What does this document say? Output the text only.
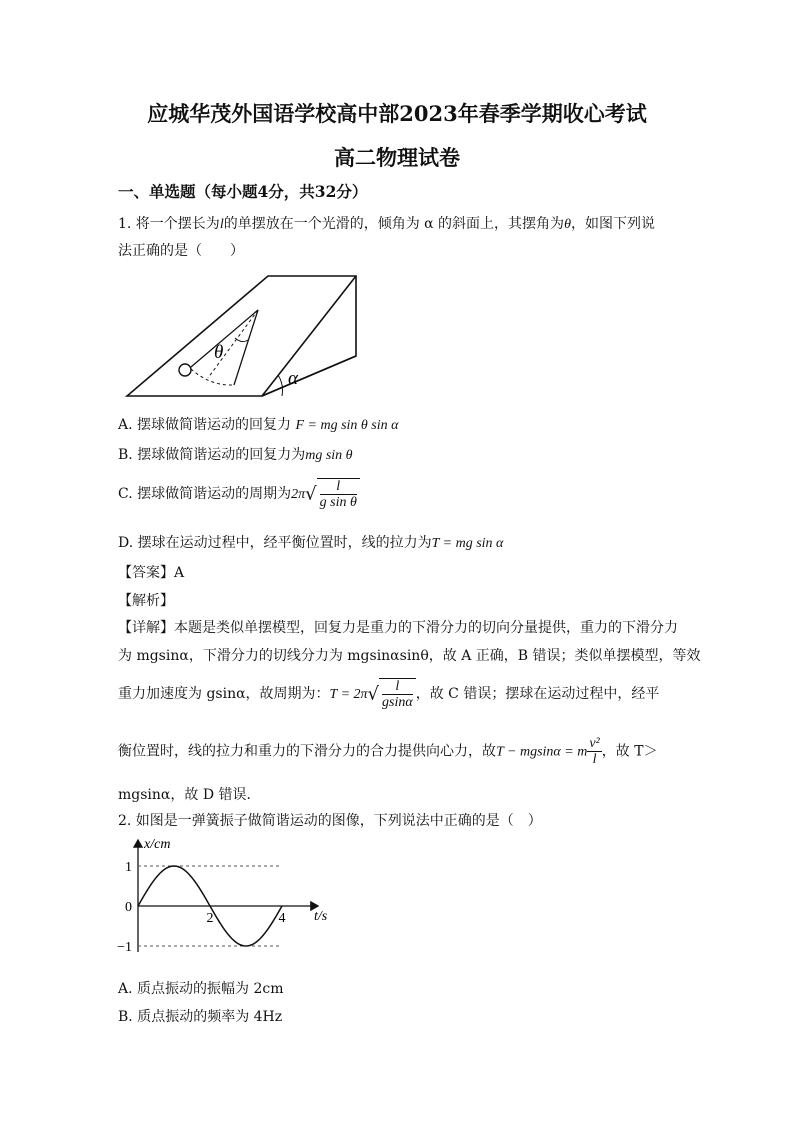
应城华茂外国语学校高中部2023年春季学期收心考试
高二物理试卷
一、单选题（每小题4分，共32分）
1. 将一个摆长为l的单摆放在一个光滑的，倾角为 α 的斜面上，其摆角为θ，如图下列说
法正确的是（　　）
θ
α
A. 摆球做简谐运动的回复力 F = mg sin θ sin α
B. 摆球做简谐运动的回复力为mg sin θ
C. 摆球做简谐运动的周期为$2\pi√ \frac{l}{\text{g sin θ}}$
D. 摆球在运动过程中，经平衡位置时，线的拉力为T = mg sin α
【答案】A
【解析】
【详解】本题是类似单摆模型，回复力是重力的下滑分力的切向分量提供，重力的下滑分力
为 mgsinα，下滑分力的切线分力为 mgsinαsinθ，故 A 正确，B 错误；类似单摆模型，等效
重力加速度为 gsinα，故周期为：$T = 2\pi√ \frac{l}{gsin\alpha}$ ，故 C 错误；摆球在运动过程中，经平
衡位置时，线的拉力和重力的下滑分力的合力提供向心力，故T − mgsinα = m $\frac{\text{v²}}{l}$ ，故 T＞
mgsinα，故 D 错误．
2. 如图是一弹簧振子做简谐运动的图像，下列说法中正确的是（　）
x/cm
t/s
1
0
−1
2	4
A. 质点振动的振幅为 2cm
B. 质点振动的频率为 4Hz
